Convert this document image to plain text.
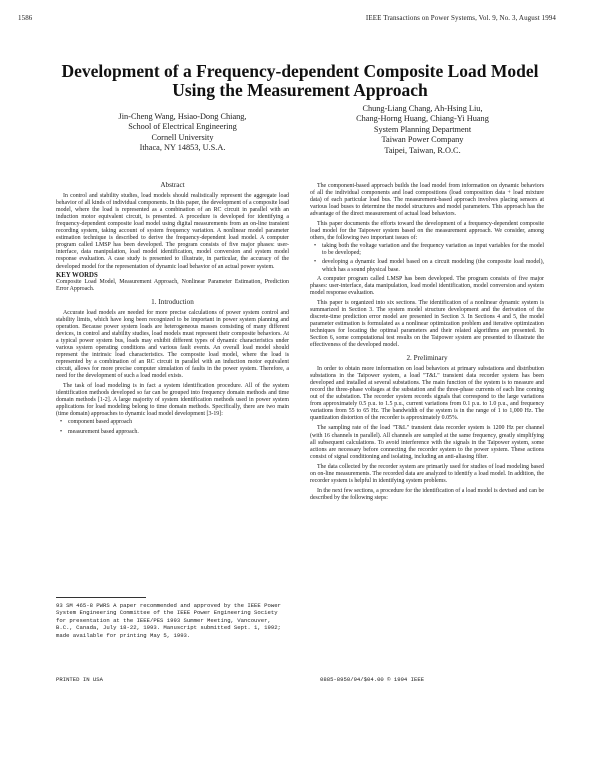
1586	IEEE Transactions on Power Systems, Vol. 9, No. 3, August 1994
Development of a Frequency-dependent Composite Load Model Using the Measurement Approach
Jin-Cheng Wang, Hsiao-Dong Chiang,
School of Electrical Engineering
Cornell University
Ithaca, NY 14853, U.S.A.
Chung-Liang Chang, Ah-Hsing Liu,
Chang-Horng Huang, Chiang-Yi Huang
System Planning Department
Taiwan Power Company
Taipei, Taiwan, R.O.C.
Abstract

In control and stability studies, load models should realistically represent the aggregate load behavior of all kinds of individual components. In this paper, the development of a composite load model, where the load is represented as a combination of an RC circuit in parallel with an induction motor equivalent circuit, is presented. A procedure is developed for identifying a frequency-dependent composite load model using digital measurements from an on-line transient recording system, taking account of system frequency variation. A nonlinear model parameter estimation technique is described to derive the frequency-dependent load model. A computer program called LMSP has been developed. The program consists of five major phases: user-interface, data manipulation, load model identification, model conversion and system model response evaluation. A case study is presented to illustrate, in particular, the accuracy of the developed model for the representation of dynamic load behavior of an actual power system.

KEY WORDS

Composite Load Model, Measurement Approach, Nonlinear Parameter Estimation, Prediction Error Approach.

1. Introduction

Accurate load models are needed for more precise calculations of power system control and stability limits, which have long been recognized to be important in power system planning and operation. Because power system loads are heterogeneous masses consisting of many different devices, in control and stability studies, load models must represent their composite behaviors. At a typical power system bus, loads may exhibit different types of dynamic characteristics under various system operating conditions and various fault events. An overall load model should represent the intrinsic load characteristics. The composite load model, where the load is represented by a combination of an RC circuit in parallel with an induction motor equivalent circuit, allows for more precise computer simulation of faults in the power system. Therefore, a need for the development of such a load model exists.

The task of load modeling is in fact a system identification procedure. All of the system identification methods developed so far can be grouped into frequency domain methods and time domain methods [1-2]. A large majority of system identification methods used in power system applications for load modeling belong to time domain methods. Specifically, there are two main (time domain) approaches to dynamic load model development [3-19]:

• component based approach
• measurement based approach.
93 SM 465-8 PWRS A paper recommended and approved by the IEEE Power System Engineering Committee of the IEEE Power Engineering Society for presentation at the IEEE/PES 1993 Summer Meeting, Vancouver, B.C., Canada, July 18-22, 1993. Manuscript submitted Sept. 1, 1992; made available for printing May 5, 1993.
PRINTED IN USA

The component-based approach builds the load model from information on dynamic behaviors of all the individual components and load compositions (load composition data + load mixture data) of each particular load bus. The measurement-based approach involves placing sensors at various load buses to determine the model structures and model parameters. This approach has the advantage of the direct measurement of actual load behaviors.

This paper documents the efforts toward the development of a frequency-dependent composite load model for the Taipower system based on the measurement approach. We consider, among others, the following two important issues of:

• taking both the voltage variation and the frequency variation as input variables for the model to be developed;
• developing a dynamic load model based on a circuit modeling (the composite load model), which has a sound physical base.

A computer program called LMSP has been developed. The program consists of five major phases: user-interface, data manipulation, load model identification, model conversion and system model response evaluation.

This paper is organized into six sections. The identification of a nonlinear dynamic system is summarized in Section 3. The system model structure development and the derivation of the discrete-time prediction error model are presented in Section 3. In Sections 4 and 5, the model parameter estimation is formulated as a nonlinear optimization problem and iterative optimization techniques for locating the optimal parameters and their related algorithms are presented. In Section 6, some computational test results on the Taipower system are presented to illustrate the effectiveness of the developed model.

2. Preliminary

In order to obtain more information on load behaviors at primary substations and distribution substations in the Taipower system, a load "T&L" transient data recorder system has been developed and installed at several substations. The main function of the system is to measure and record the three-phase voltages at the substation and the three-phase currents of each line coming out of the substation. The recorder system records signals that correspond to the large variations from approximately 0.5 p.u. to 1.5 p.u., current variations from 0.1 p.u. to 1.0 p.u., and frequency variations from 55 to 65 Hz. The bandwidth of the system is in the range of 1 to 1,000 Hz. The quantization distortion of the recorder is approximately 0.05%.

The sampling rate of the load "T&L" transient data recorder system is 1200 Hz per channel (with 16 channels in parallel). All channels are sampled at the same frequency, greatly simplifying all subsequent calculations. To avoid interference with the signals in the Taipower system, some actions are necessary before connecting the recorder system to the power system. These actions consist of signal conditioning and isolating, including an anti-aliasing filter.

The data collected by the recorder system are primarily used for studies of load modeling based on on-line measurements. The recorded data are analyzed to identify a load model. In addition, the recorder system is helpful in identifying system problems.

In the next few sections, a procedure for the identification of a load model is devised and can be described by the following steps:

0885-8950/94/$04.00 © 1994 IEEE
